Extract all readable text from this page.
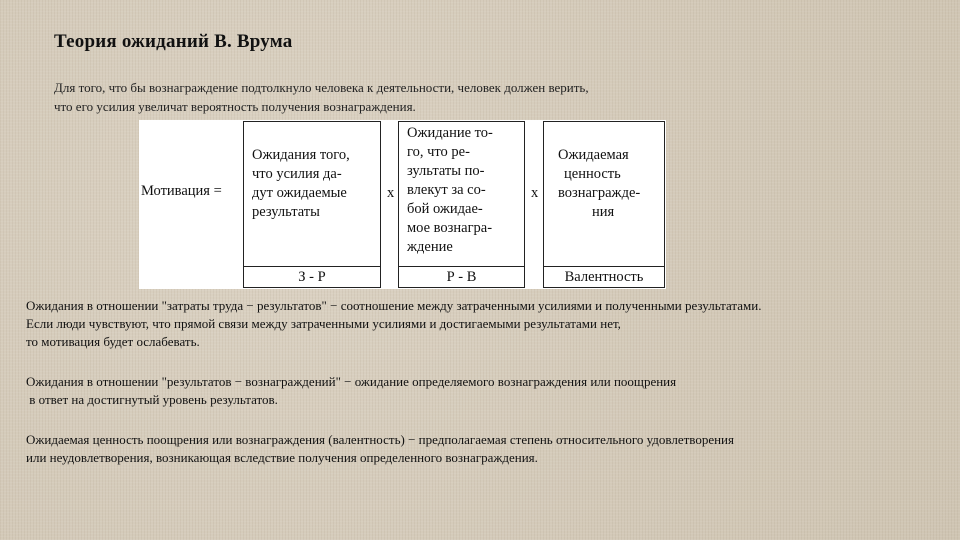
Теория ожиданий В. Врума
Для того, что бы вознаграждение подтолкнуло человека к деятельности, человек должен верить,
что его усилия увеличат вероятность получения вознаграждения.
Мотивация =
Ожидания того,
что усилия да-
дут ожидаемые
результаты
З - Р
х
Ожидание то-
го, что ре-
зультаты по-
влекут за со-
бой ожидае-
мое вознагра-
ждение
Р - В
х
Ожидаемая
ценность
вознагражде-
ния
Валентность
Ожидания в отношении "затраты труда − результатов" − соотношение между затраченными усилиями и полученными результатами.
Если люди чувствуют, что прямой связи между затраченными усилиями и достигаемыми результатами нет,
то мотивация будет ослабевать.
Ожидания в отношении "результатов − вознаграждений" − ожидание определяемого вознаграждения или поощрения
в ответ на достигнутый уровень результатов.
Ожидаемая ценность поощрения или вознаграждения (валентность) − предполагаемая степень относительного удовлетворения
или неудовлетворения, возникающая вследствие получения определенного вознаграждения.
